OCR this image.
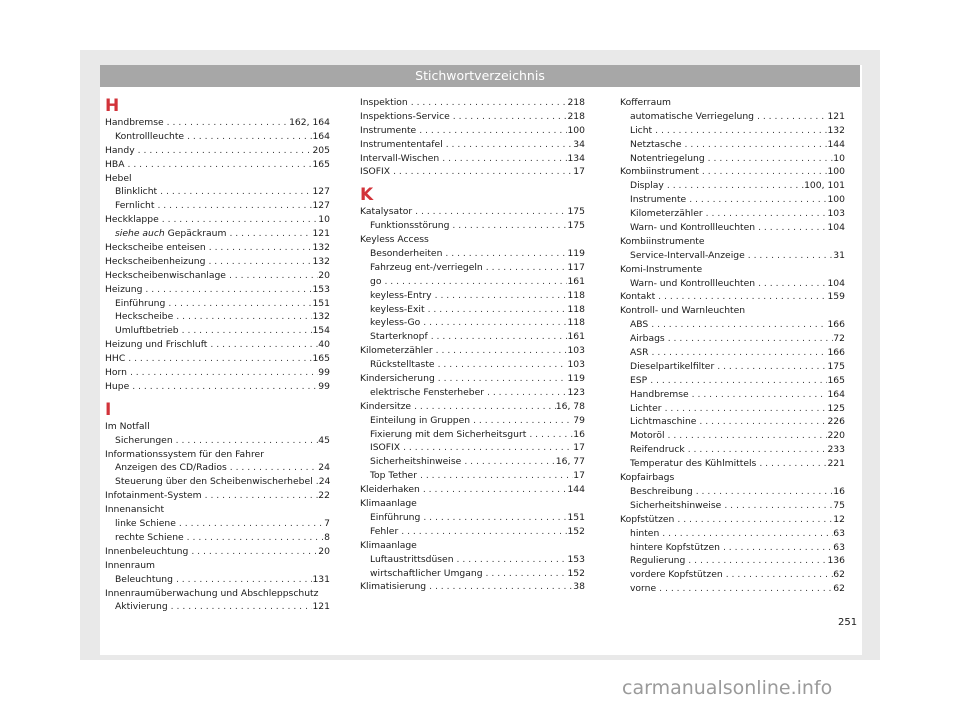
Stichwortverzeichnis
H
Handbremse . . .	162, 164
Kontrollleuchte . . .	164
Handy . . .	205
HBA . . .	165
Hebel
Blinklicht . . .	127
Fernlicht . . .	127
Heckklappe . . .	10
siehe auch Gepäckraum . . .	121
Heckscheibe enteisen . . .	132
Heckscheibenheizung . . .	132
Heckscheibenwischanlage . . .	20
Heizung . . .	153
Einführung . . .	151
Heckscheibe . . .	132
Umluftbetrieb . . .	154
Heizung und Frischluft . . .	40
HHC . . .	165
Horn . . .	99
Hupe . . .	99
I
Im Notfall
Sicherungen . . .	45
Informationssystem für den Fahrer
Anzeigen des CD/Radios . . .	24
Steuerung über den Scheibenwischerhebel . . . 24
Infotainment-System . . .	22
Innenansicht
linke Schiene . . .	7
rechte Schiene . . .	8
Innenbeleuchtung . . .	20
Innenraum
Beleuchtung . . .	131
Innenraumüberwachung und Abschleppschutz
Aktivierung . . .	121
Inspektion . . .	218
Inspektions-Service . . .	218
Instrumente . . .	100
Instrumententafel . . .	34
Intervall-Wischen . . .	134
ISOFIX . . .	17
K
Katalysator . . .	175
Funktionsstörung . . .	175
Keyless Access
Besonderheiten . . .	119
Fahrzeug ent-/verriegeln . . .	117
go . . .	161
keyless-Entry . . .	118
keyless-Exit . . .	118
keyless-Go . . .	118
Starterknopf . . .	161
Kilometerzähler . . .	103
Rückstelltaste . . .	103
Kindersicherung . . .	119
elektrische Fensterheber . . .	123
Kindersitze . . .	16, 78
Einteilung in Gruppen . . .	79
Fixierung mit dem Sicherheitsgurt . . .	16
ISOFIX . . .	17
Sicherheitshinweise . . .	16, 77
Top Tether . . .	17
Kleiderhaken . . .	144
Klimaanlage
Einführung . . .	151
Fehler . . .	152
Klimaanlage
Luftaustrittsdüsen . . .	153
wirtschaftlicher Umgang . . .	152
Klimatisierung . . .	38
Kofferraum
automatische Verriegelung . . .	121
Licht . . .	132
Netztasche . . .	144
Notentriegelung . . .	10
Kombiinstrument . . .	100
Display . . .	100, 101
Instrumente . . .	100
Kilometerzähler . . .	103
Warn- und Kontrollleuchten . . .	104
Kombiinstrumente
Service-Intervall-Anzeige . . .	31
Komi-Instrumente
Warn- und Kontrollleuchten . . .	104
Kontakt . . .	159
Kontroll- und Warnleuchten
ABS . . .	166
Airbags . . .	72
ASR . . .	166
Dieselpartikelfilter . . .	175
ESP . . .	165
Handbremse . . .	164
Lichter . . .	125
Lichtmaschine . . .	226
Motoröl . . .	220
Reifendruck . . .	233
Temperatur des Kühlmittels . . .	221
Kopfairbags
Beschreibung . . .	16
Sicherheitshinweise . . .	75
Kopfstützen . . .	12
hinten . . .	63
hintere Kopfstützen . . .	63
Regulierung . . .	136
vordere Kopfstützen . . .	62
vorne . . .	62
251
carmanualsonline.info
